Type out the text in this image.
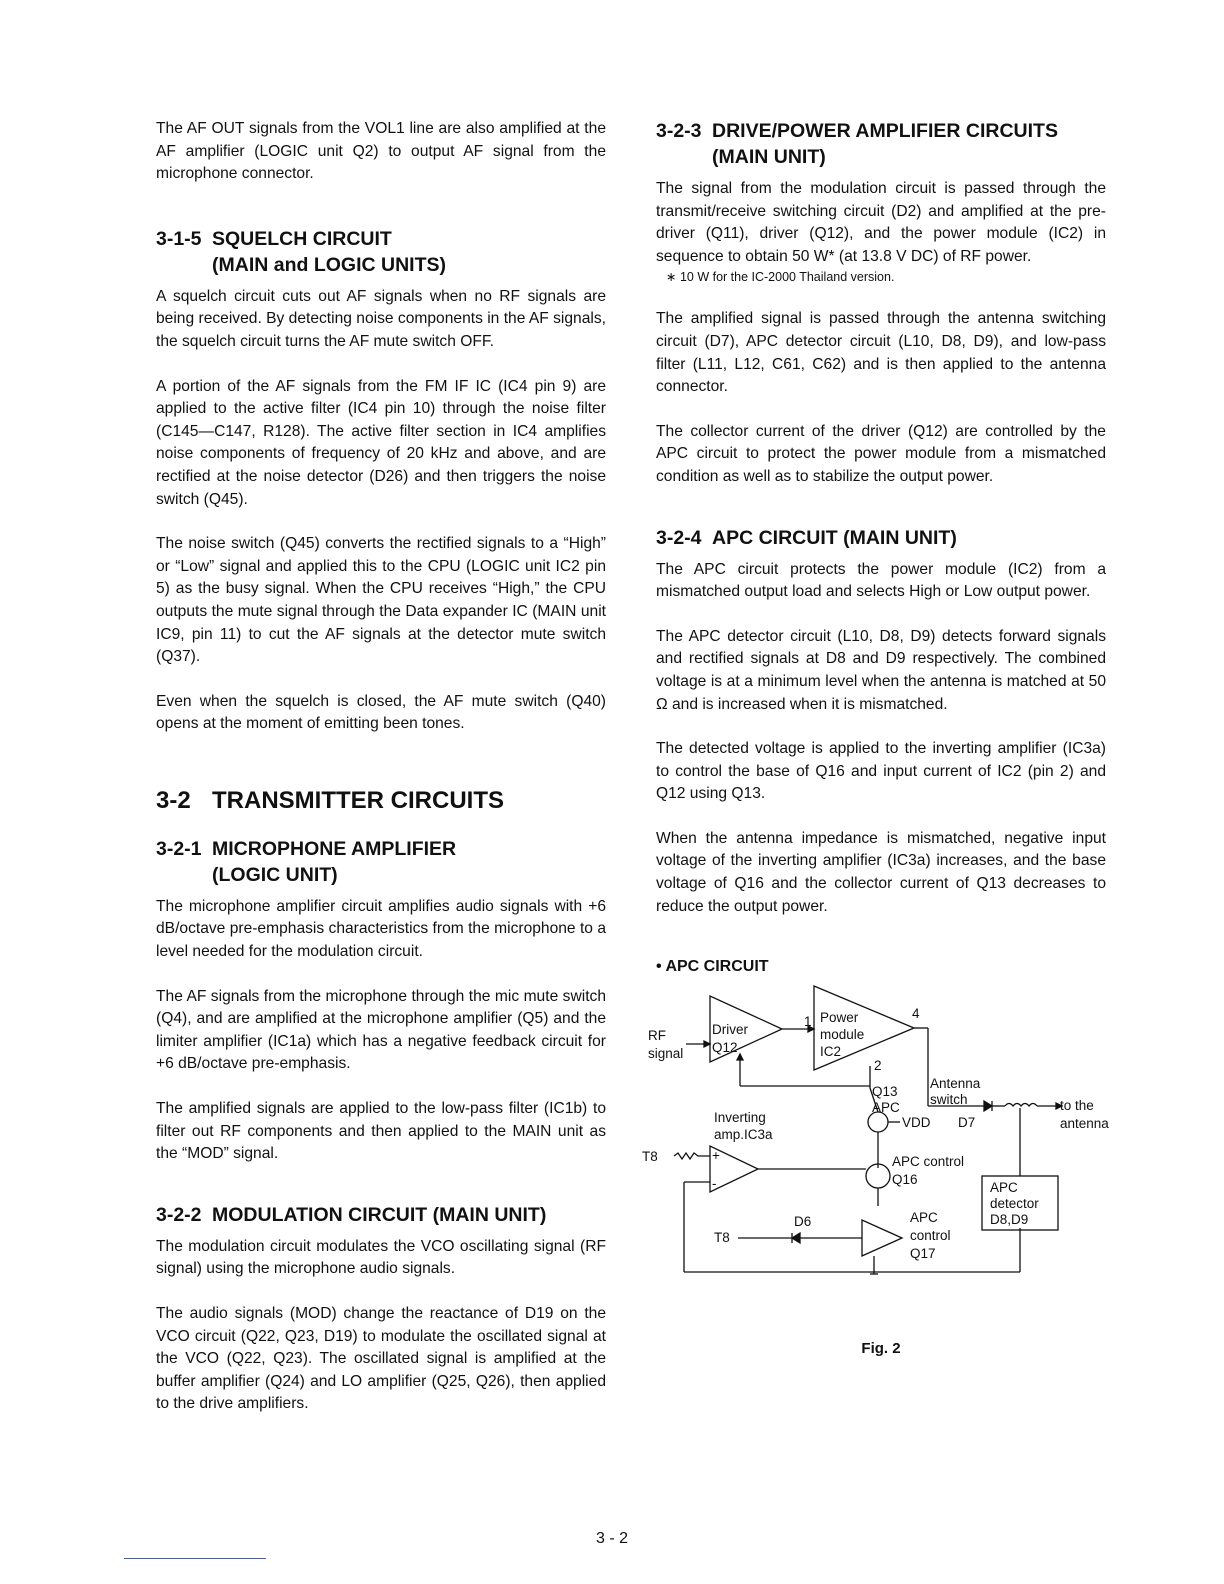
The AF OUT signals from the VOL1 line are also amplified at the AF amplifier (LOGIC unit Q2) to output AF signal from the microphone connector.

3-1-5 SQUELCH CIRCUIT
(MAIN and LOGIC UNITS)

A squelch circuit cuts out AF signals when no RF signals are being received. By detecting noise components in the AF signals, the squelch circuit turns the AF mute switch OFF.

A portion of the AF signals from the FM IF IC (IC4 pin 9) are applied to the active filter (IC4 pin 10) through the noise filter (C145—C147, R128). The active filter section in IC4 amplifies noise components of frequency of 20 kHz and above, and are rectified at the noise detector (D26) and then triggers the noise switch (Q45).

The noise switch (Q45) converts the rectified signals to a “High” or “Low” signal and applied this to the CPU (LOGIC unit IC2 pin 5) as the busy signal. When the CPU receives “High,” the CPU outputs the mute signal through the Data expander IC (MAIN unit IC9, pin 11) to cut the AF signals at the detector mute switch (Q37).

Even when the squelch is closed, the AF mute switch (Q40) opens at the moment of emitting been tones.

3-2 TRANSMITTER CIRCUITS
3-2-1 MICROPHONE AMPLIFIER
(LOGIC UNIT)

The microphone amplifier circuit amplifies audio signals with +6 dB/octave pre-emphasis characteristics from the microphone to a level needed for the modulation circuit.

The AF signals from the microphone through the mic mute switch (Q4), and are amplified at the microphone amplifier (Q5) and the limiter amplifier (IC1a) which has a negative feedback circuit for +6 dB/octave pre-emphasis.

The amplified signals are applied to the low-pass filter (IC1b) to filter out RF components and then applied to the MAIN unit as the “MOD” signal.

3-2-2 MODULATION CIRCUIT (MAIN UNIT)

The modulation circuit modulates the VCO oscillating signal (RF signal) using the microphone audio signals.

The audio signals (MOD) change the reactance of D19 on the VCO circuit (Q22, Q23, D19) to modulate the oscillated signal at the VCO (Q22, Q23). The oscillated signal is amplified at the buffer amplifier (Q24) and LO amplifier (Q25, Q26), then applied to the drive amplifiers.

3-2-3 DRIVE/POWER AMPLIFIER CIRCUITS
(MAIN UNIT)

The signal from the modulation circuit is passed through the transmit/receive switching circuit (D2) and amplified at the pre-driver (Q11), driver (Q12), and the power module (IC2) in sequence to obtain 50 W* (at 13.8 V DC) of RF power.

∗ 10 W for the IC-2000 Thailand version.

The amplified signal is passed through the antenna switching circuit (D7), APC detector circuit (L10, D8, D9), and low-pass filter (L11, L12, C61, C62) and is then applied to the antenna connector.

The collector current of the driver (Q12) are controlled by the APC circuit to protect the power module from a mismatched condition as well as to stabilize the output power.

3-2-4 APC CIRCUIT (MAIN UNIT)

The APC circuit protects the power module (IC2) from a mismatched output load and selects High or Low output power.

The APC detector circuit (L10, D8, D9) detects forward signals and rectified signals at D8 and D9 respectively. The combined voltage is at a minimum level when the antenna is matched at 50 Ω and is increased when it is mismatched.

The detected voltage is applied to the inverting amplifier (IC3a) to control the base of Q16 and input current of IC2 (pin 2) and Q12 using Q13.

When the antenna impedance is mismatched, negative input voltage of the inverting amplifier (IC3a) increases, and the base voltage of Q16 and the collector current of Q13 decreases to reduce the output power.

• APC CIRCUIT

RF
signal
Driver
Q12
1 Power
module
IC2
4
2
Q13
APC
Antenna
switch	to the
antenna
Inverting
amp.IC3a
VDD D7
T8	+
-
APC control
Q16
APC
detector
D8,D9
D6
T8
APC
control
Q17
Fig. 2
3 - 2
